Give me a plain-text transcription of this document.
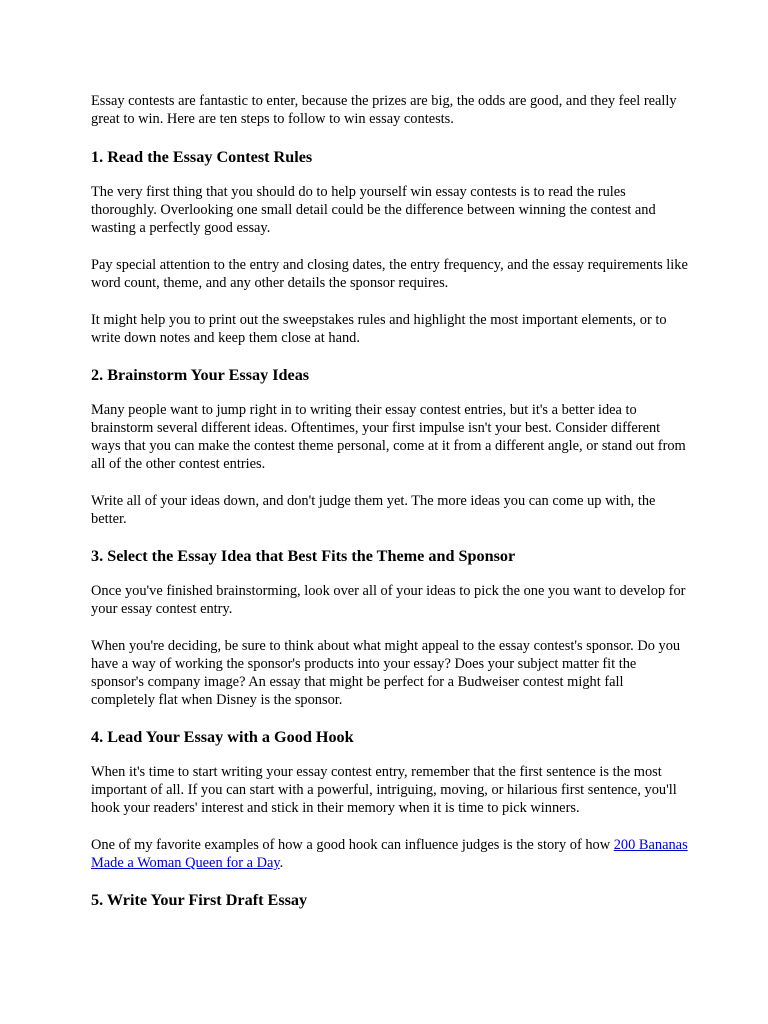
Essay contests are fantastic to enter, because the prizes are big, the odds are good, and they feel really great to win. Here are ten steps to follow to win essay contests.

1. Read the Essay Contest Rules

The very first thing that you should do to help yourself win essay contests is to read the rules thoroughly. Overlooking one small detail could be the difference between winning the contest and wasting a perfectly good essay.

Pay special attention to the entry and closing dates, the entry frequency, and the essay requirements like word count, theme, and any other details the sponsor requires.

It might help you to print out the sweepstakes rules and highlight the most important elements, or to write down notes and keep them close at hand.

2. Brainstorm Your Essay Ideas

Many people want to jump right in to writing their essay contest entries, but it's a better idea to brainstorm several different ideas. Oftentimes, your first impulse isn't your best. Consider different ways that you can make the contest theme personal, come at it from a different angle, or stand out from all of the other contest entries.

Write all of your ideas down, and don't judge them yet. The more ideas you can come up with, the better.

3. Select the Essay Idea that Best Fits the Theme and Sponsor

Once you've finished brainstorming, look over all of your ideas to pick the one you want to develop for your essay contest entry.

When you're deciding, be sure to think about what might appeal to the essay contest's sponsor. Do you have a way of working the sponsor's products into your essay? Does your subject matter fit the sponsor's company image? An essay that might be perfect for a Budweiser contest might fall completely flat when Disney is the sponsor.

4. Lead Your Essay with a Good Hook

When it's time to start writing your essay contest entry, remember that the first sentence is the most important of all. If you can start with a powerful, intriguing, moving, or hilarious first sentence, you'll hook your readers' interest and stick in their memory when it is time to pick winners.

One of my favorite examples of how a good hook can influence judges is the story of how 200 Bananas Made a Woman Queen for a Day.

5. Write Your First Draft Essay
